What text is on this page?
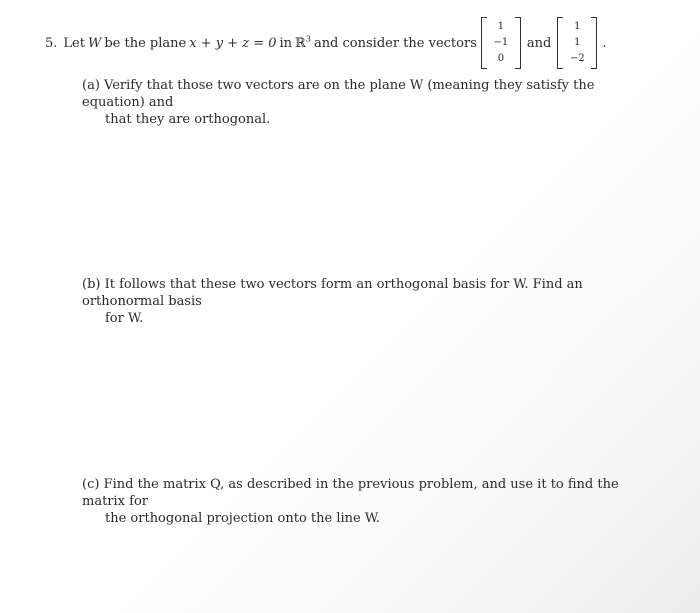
5. Let W be the plane x + y + z = 0 in ℝ$^3$ and consider the vectors
1
−1
0
and
1
1
−2
.
(a) Verify that those two vectors are on the plane W (meaning they satisfy the equation) and
that they are orthogonal.
(b) It follows that these two vectors form an orthogonal basis for W. Find an orthonormal basis
for W.
(c) Find the matrix Q, as described in the previous problem, and use it to find the matrix for
the orthogonal projection onto the line W.
